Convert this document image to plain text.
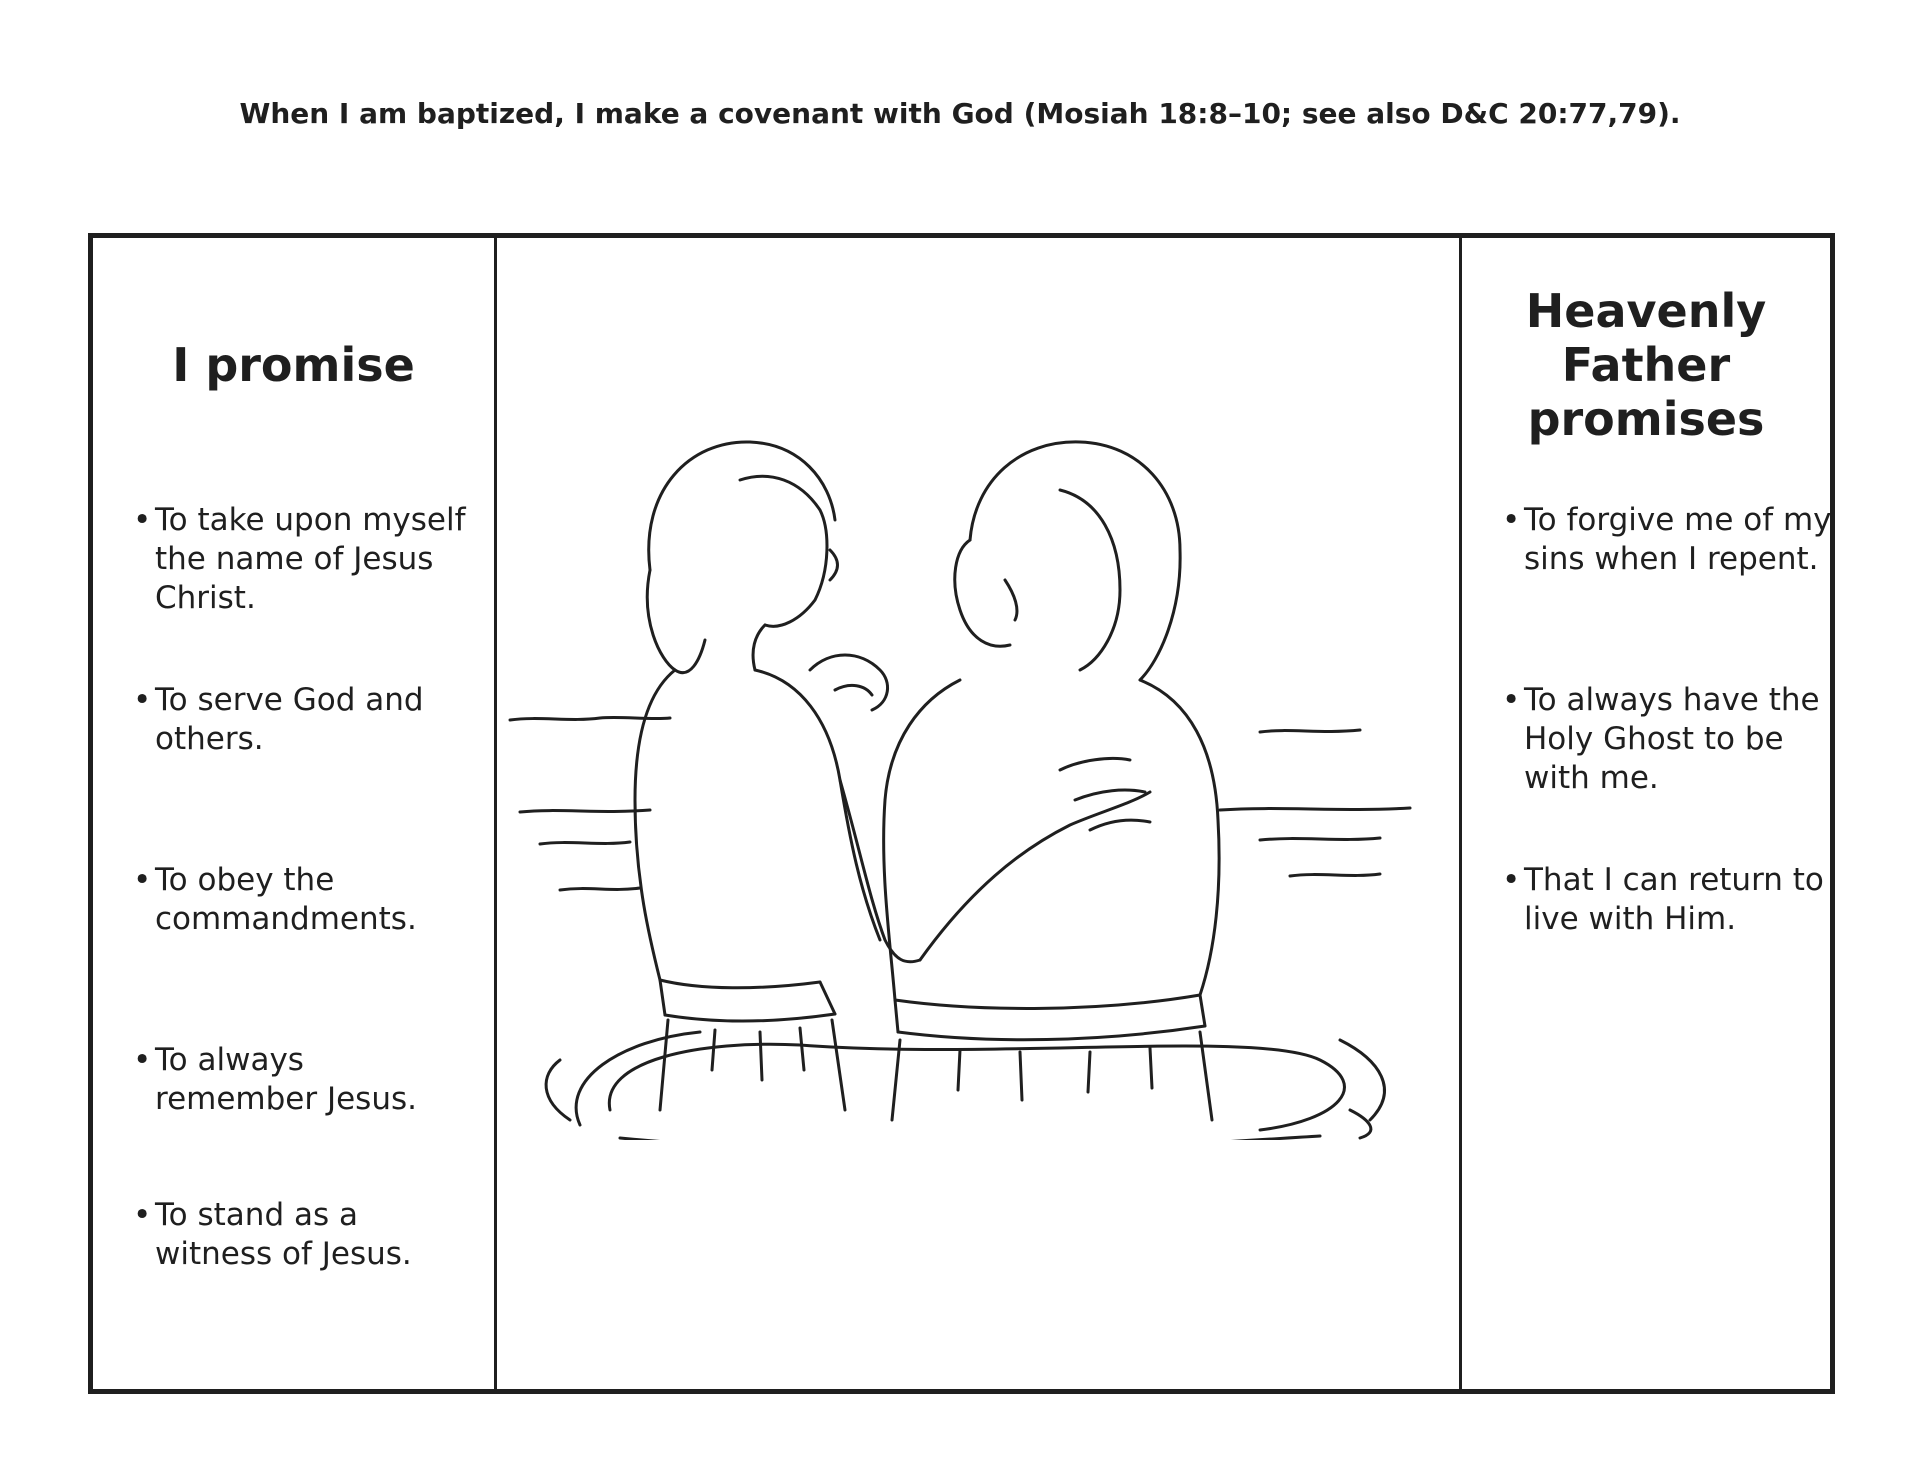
When I am baptized, I make a covenant with God (Mosiah 18:8–10; see also D&C 20:77,79).
I promise
• To take upon myself the name of Jesus Christ.
• To serve God and others.
• To obey the commandments.
• To always remember Jesus.
• To stand as a witness of Jesus.
Heavenly Father promises
• To forgive me of my sins when I repent.
• To always have the Holy Ghost to be with me.
• That I can return to live with Him.
